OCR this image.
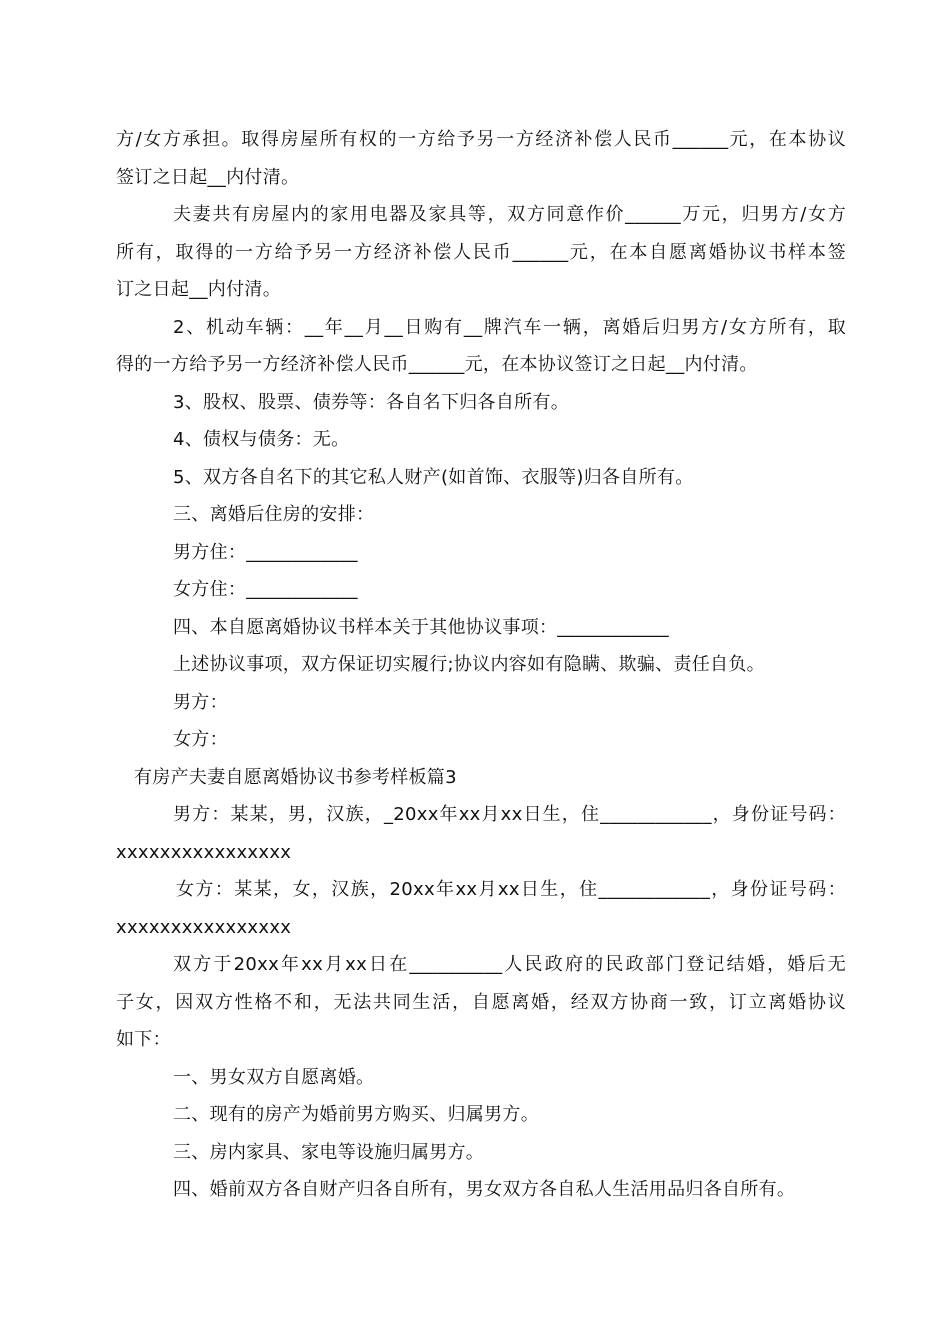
方/女方承担。取得房屋所有权的一方给予另一方经济补偿人民币______元，在本协议
签订之日起__内付清。
夫妻共有房屋内的家用电器及家具等，双方同意作价______万元，归男方/女方
所有，取得的一方给予另一方经济补偿人民币______元，在本自愿离婚协议书样本签
订之日起__内付清。
2、机动车辆：__年__月__日购有__牌汽车一辆，离婚后归男方/女方所有，取
得的一方给予另一方经济补偿人民币______元，在本协议签订之日起__内付清。
3、股权、股票、债券等：各自名下归各自所有。
4、债权与债务：无。
5、双方各自名下的其它私人财产(如首饰、衣服等)归各自所有。
三、离婚后住房的安排：
男方住：____________
女方住：____________
四、本自愿离婚协议书样本关于其他协议事项：____________
上述协议事项，双方保证切实履行;协议内容如有隐瞒、欺骗、责任自负。
男方：
女方：
有房产夫妻自愿离婚协议书参考样板篇3
男方：某某，男，汉族，_20xx年xx月xx日生，住____________，身份证号码：
xxxxxxxxxxxxxxxx
女方：某某，女，汉族，20xx年xx月xx日生，住____________，身份证号码：
xxxxxxxxxxxxxxxx
双方于20xx年xx月xx日在__________人民政府的民政部门登记结婚，婚后无
子女，因双方性格不和，无法共同生活，自愿离婚，经双方协商一致，订立离婚协议
如下：
一、男女双方自愿离婚。
二、现有的房产为婚前男方购买、归属男方。
三、房内家具、家电等设施归属男方。
四、婚前双方各自财产归各自所有，男女双方各自私人生活用品归各自所有。
